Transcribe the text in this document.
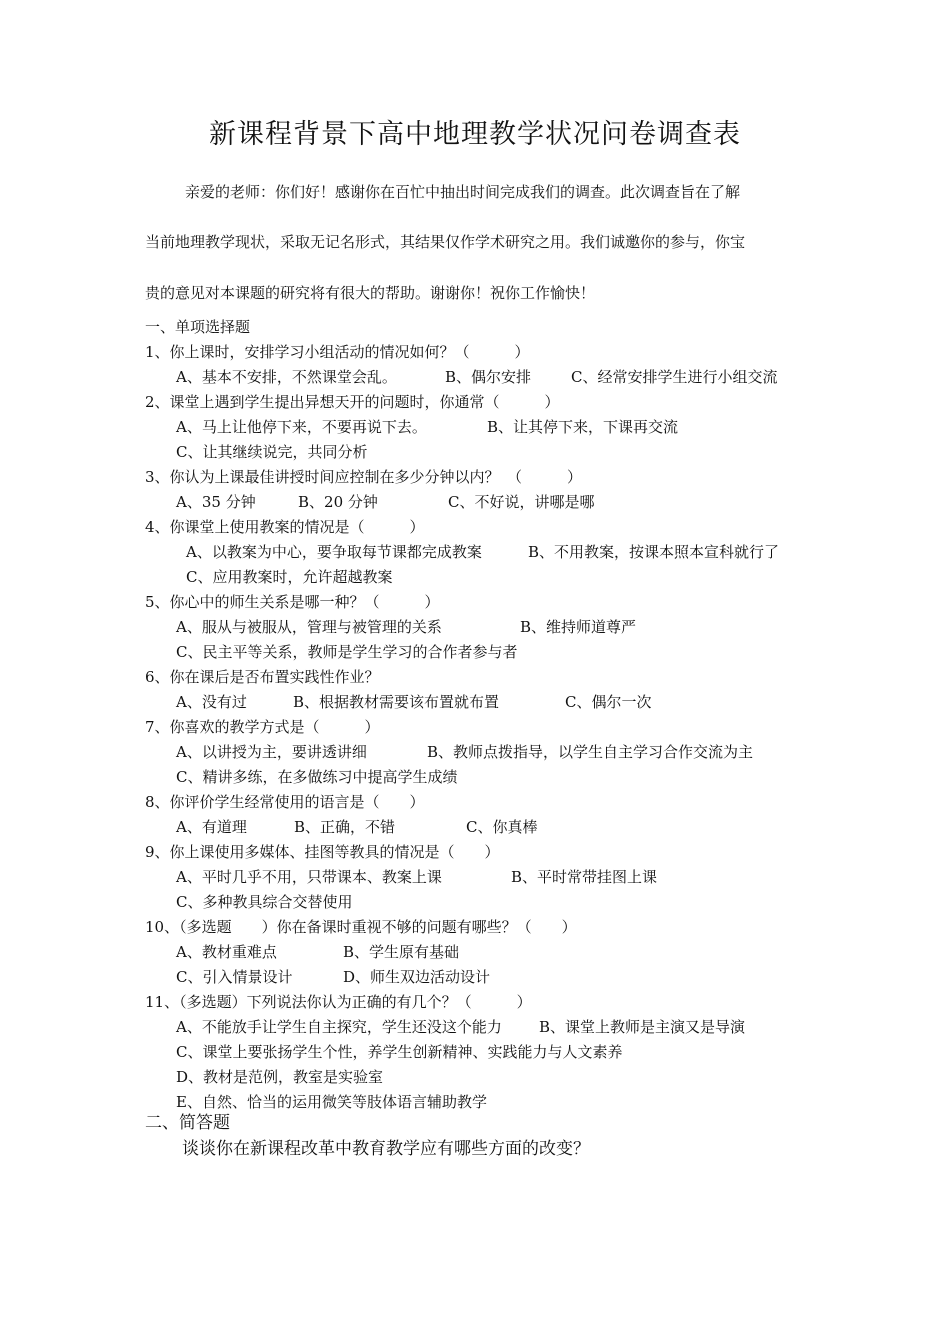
新课程背景下高中地理教学状况问卷调查表
亲爱的老师：你们好！感谢你在百忙中抽出时间完成我们的调查。此次调查旨在了解
当前地理教学现状，采取无记名形式，其结果仅作学术研究之用。我们诚邀你的参与，你宝
贵的意见对本课题的研究将有很大的帮助。谢谢你！祝你工作愉快！
一、单项选择题
1、你上课时，安排学习小组活动的情况如何？（　　　）
A、基本不安排，不然课堂会乱。	B、偶尔安排	C、经常安排学生进行小组交流
2、课堂上遇到学生提出异想天开的问题时，你通常（　　　）
A、马上让他停下来，不要再说下去。	B、让其停下来，下课再交流
C、让其继续说完，共同分析
3、你认为上课最佳讲授时间应控制在多少分钟以内？　（　　　）
A、35 分钟	B、20 分钟	C、不好说，讲哪是哪
4、你课堂上使用教案的情况是（　　　）
A、以教案为中心，要争取每节课都完成教案	B、不用教案，按课本照本宣科就行了
C、应用教案时，允许超越教案
5、你心中的师生关系是哪一种？（　　　）
A、服从与被服从，管理与被管理的关系	B、维持师道尊严
C、民主平等关系，教师是学生学习的合作者参与者
6、你在课后是否布置实践性作业？
A、没有过	B、根据教材需要该布置就布置	C、偶尔一次
7、你喜欢的教学方式是（　　　）
A、以讲授为主，要讲透讲细	B、教师点拨指导，以学生自主学习合作交流为主
C、精讲多练，在多做练习中提高学生成绩
8、你评价学生经常使用的语言是（　　）
A、有道理	B、正确，不错	C、你真棒
9、你上课使用多媒体、挂图等教具的情况是（　　）
A、平时几乎不用，只带课本、教案上课	B、平时常带挂图上课
C、多种教具综合交替使用
10、（多选题　　）你在备课时重视不够的问题有哪些？（　　）
A、教材重难点	B、学生原有基础
C、引入情景设计	D、师生双边活动设计
11、（多选题）下列说法你认为正确的有几个？（　　　）
A、不能放手让学生自主探究，学生还没这个能力 B、课堂上教师是主演又是导演
C、课堂上要张扬学生个性，养学生创新精神、实践能力与人文素养
D、教材是范例，教室是实验室
E、自然、恰当的运用微笑等肢体语言辅助教学
二、简答题
谈谈你在新课程改革中教育教学应有哪些方面的改变？
